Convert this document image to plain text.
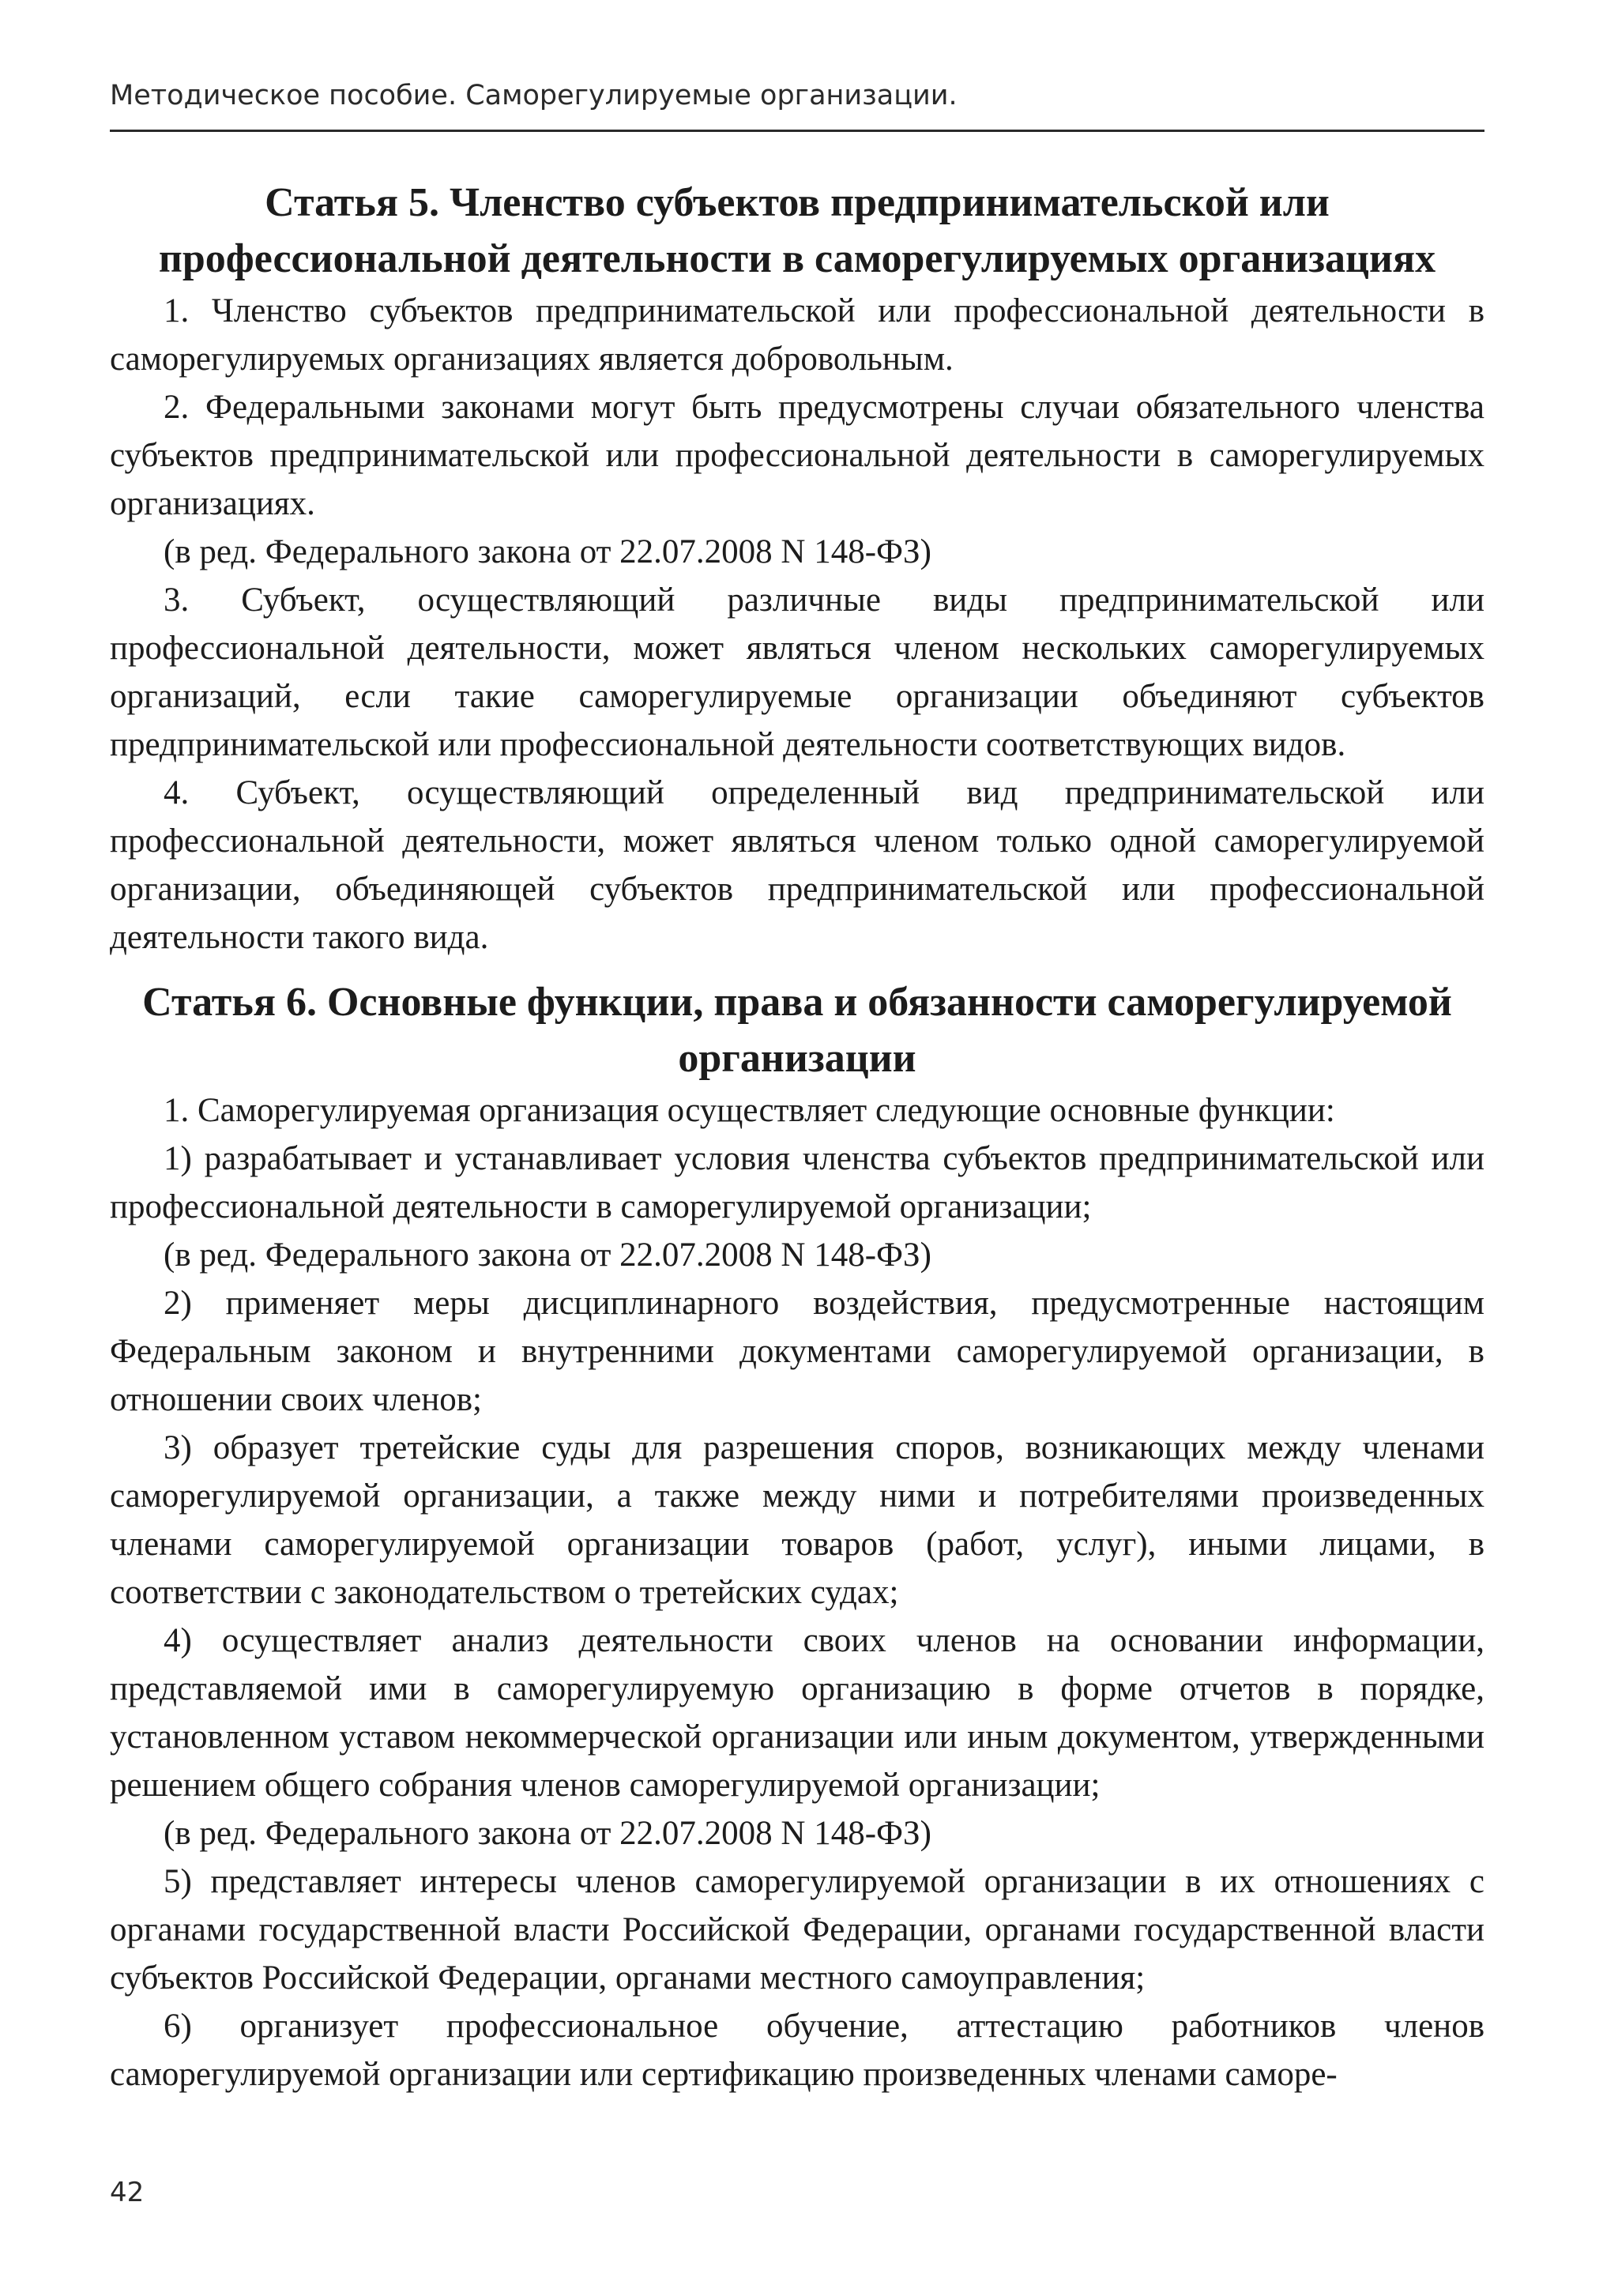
Методическое пособие. Саморегулируемые организации.
Статья 5. Членство субъектов предпринимательской или профессиональной деятельности в саморегулируемых организациях

1. Членство субъектов предпринимательской или профессиональной деятельности в саморегулируемых организациях является добровольным.

2. Федеральными законами могут быть предусмотрены случаи обязательного членства субъектов предпринимательской или профессиональной деятельности в саморегулируемых организациях.

(в ред. Федерального закона от 22.07.2008 N 148-ФЗ)

3. Субъект, осуществляющий различные виды предпринимательской или профессиональной деятельности, может являться членом нескольких саморегулируемых организаций, если такие саморегулируемые организации объединяют субъектов предпринимательской или профессиональной деятельности соответствующих видов.

4. Субъект, осуществляющий определенный вид предпринимательской или профессиональной деятельности, может являться членом только одной саморегулируемой организации, объединяющей субъектов предпринимательской или профессиональной деятельности такого вида.

Статья 6. Основные функции, права и обязанности саморегулируемой организации

1. Саморегулируемая организация осуществляет следующие основные функции:

1) разрабатывает и устанавливает условия членства субъектов предпринимательской или профессиональной деятельности в саморегулируемой организации;

(в ред. Федерального закона от 22.07.2008 N 148-ФЗ)

2) применяет меры дисциплинарного воздействия, предусмотренные настоящим Федеральным законом и внутренними документами саморегулируемой организации, в отношении своих членов;

3) образует третейские суды для разрешения споров, возникающих между членами саморегулируемой организации, а также между ними и потребителями произведенных членами саморегулируемой организации товаров (работ, услуг), иными лицами, в соответствии с законодательством о третейских судах;

4) осуществляет анализ деятельности своих членов на основании информации, представляемой ими в саморегулируемую организацию в форме отчетов в порядке, установленном уставом некоммерческой организации или иным документом, утвержденными решением общего собрания членов саморегулируемой организации;

(в ред. Федерального закона от 22.07.2008 N 148-ФЗ)

5) представляет интересы членов саморегулируемой организации в их отношениях с органами государственной власти Российской Федерации, органами государственной власти субъектов Российской Федерации, органами местного самоуправления;

6) организует профессиональное обучение, аттестацию работников членов саморегулируемой организации или сертификацию произведенных членами саморе-

42
